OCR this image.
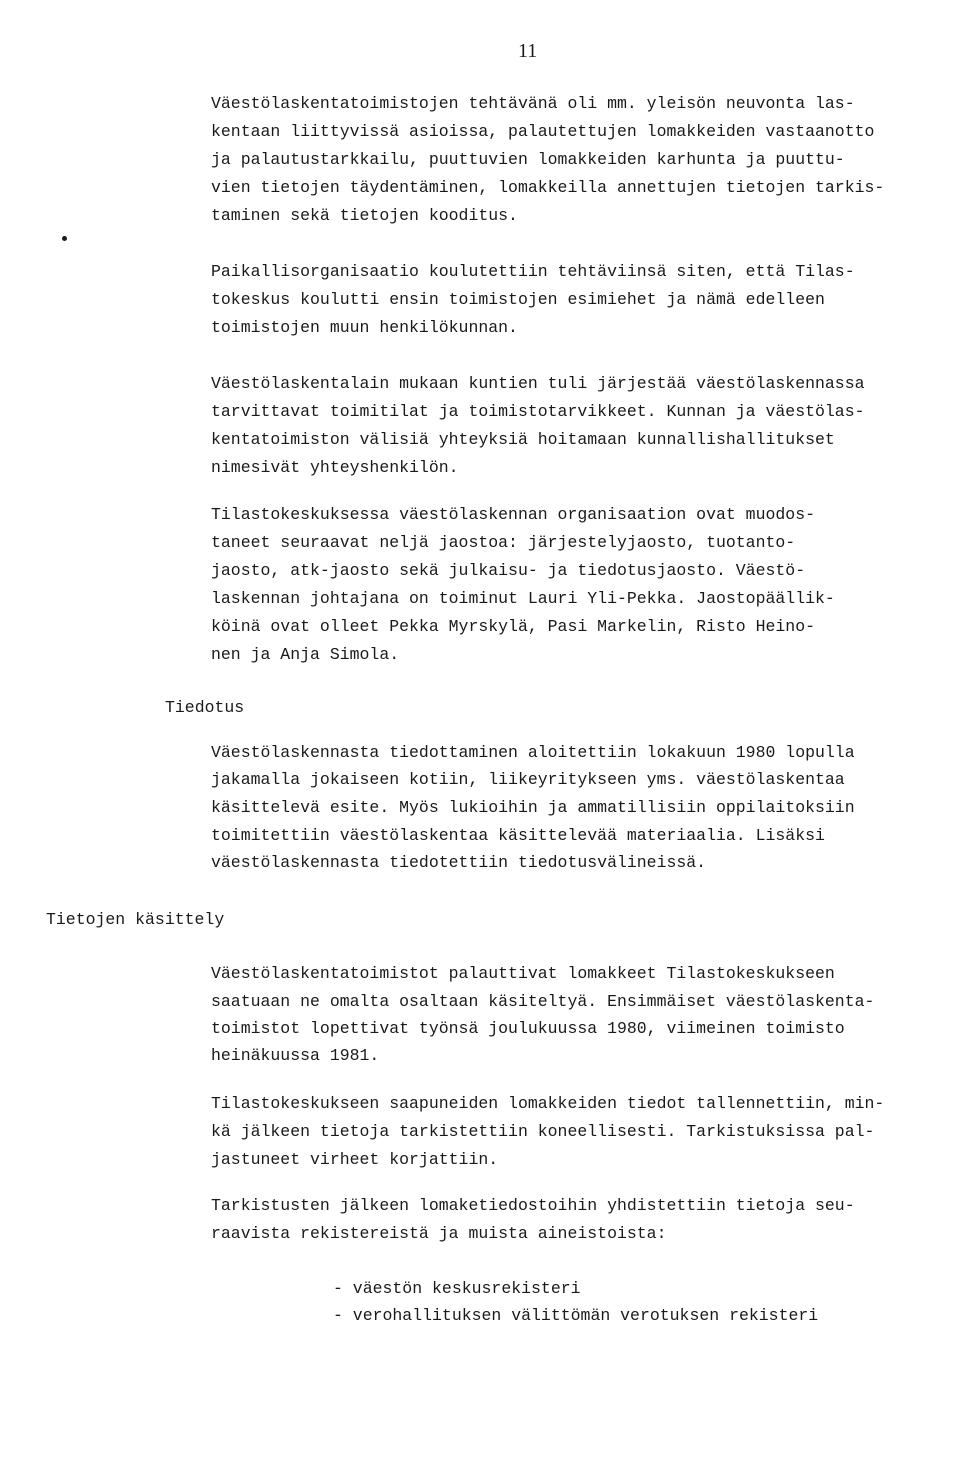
11
Väestölaskentatoimistojen tehtävänä oli mm. yleisön neuvonta las-
kentaan liittyvissä asioissa, palautettujen lomakkeiden vastaanotto
ja palautustarkkailu, puuttuvien lomakkeiden karhunta ja puuttu-
vien tietojen täydentäminen, lomakkeilla annettujen tietojen tarkis-
taminen sekä tietojen kooditus.
Paikallisorganisaatio koulutettiin tehtäviinsä siten, että Tilas-
tokeskus koulutti ensin toimistojen esimiehet ja nämä edelleen
toimistojen muun henkilökunnan.
Väestölaskentalain mukaan kuntien tuli järjestää väestölaskennassa
tarvittavat toimitilat ja toimistotarvikkeet. Kunnan ja väestölas-
kentatoimiston välisiä yhteyksiä hoitamaan kunnallishallitukset
nimesivät yhteyshenkilön.
Tilastokeskuksessa väestölaskennan organisaation ovat muodos-
taneet seuraavat neljä jaostoa: järjestelyjaosto, tuotanto-
jaosto, atk-jaosto sekä julkaisu- ja tiedotusjaosto. Väestö-
laskennan johtajana on toiminut Lauri Yli-Pekka. Jaostopäällik-
köinä ovat olleet Pekka Myrskylä, Pasi Markelin, Risto Heino-
nen ja Anja Simola.
Tiedotus
Väestölaskennasta tiedottaminen aloitettiin lokakuun 1980 lopulla
jakamalla jokaiseen kotiin, liikeyritykseen yms. väestölaskentaa
käsittelevä esite. Myös lukioihin ja ammatillisiin oppilaitoksiin
toimitettiin väestölaskentaa käsittelevää materiaalia. Lisäksi
väestölaskennasta tiedotettiin tiedotusvälineissä.
Tietojen käsittely
Väestölaskentatoimistot palauttivat lomakkeet Tilastokeskukseen
saatuaan ne omalta osaltaan käsiteltyä. Ensimmäiset väestölaskenta-
toimistot lopettivat työnsä joulukuussa 1980, viimeinen toimisto
heinäkuussa 1981.
Tilastokeskukseen saapuneiden lomakkeiden tiedot tallennettiin, min-
kä jälkeen tietoja tarkistettiin koneellisesti. Tarkistuksissa pal-
jastuneet virheet korjattiin.
Tarkistusten jälkeen lomaketiedostoihin yhdistettiin tietoja seu-
raavista rekistereistä ja muista aineistoista:
- väestön keskusrekisteri
- verohallituksen välittömän verotuksen rekisteri
